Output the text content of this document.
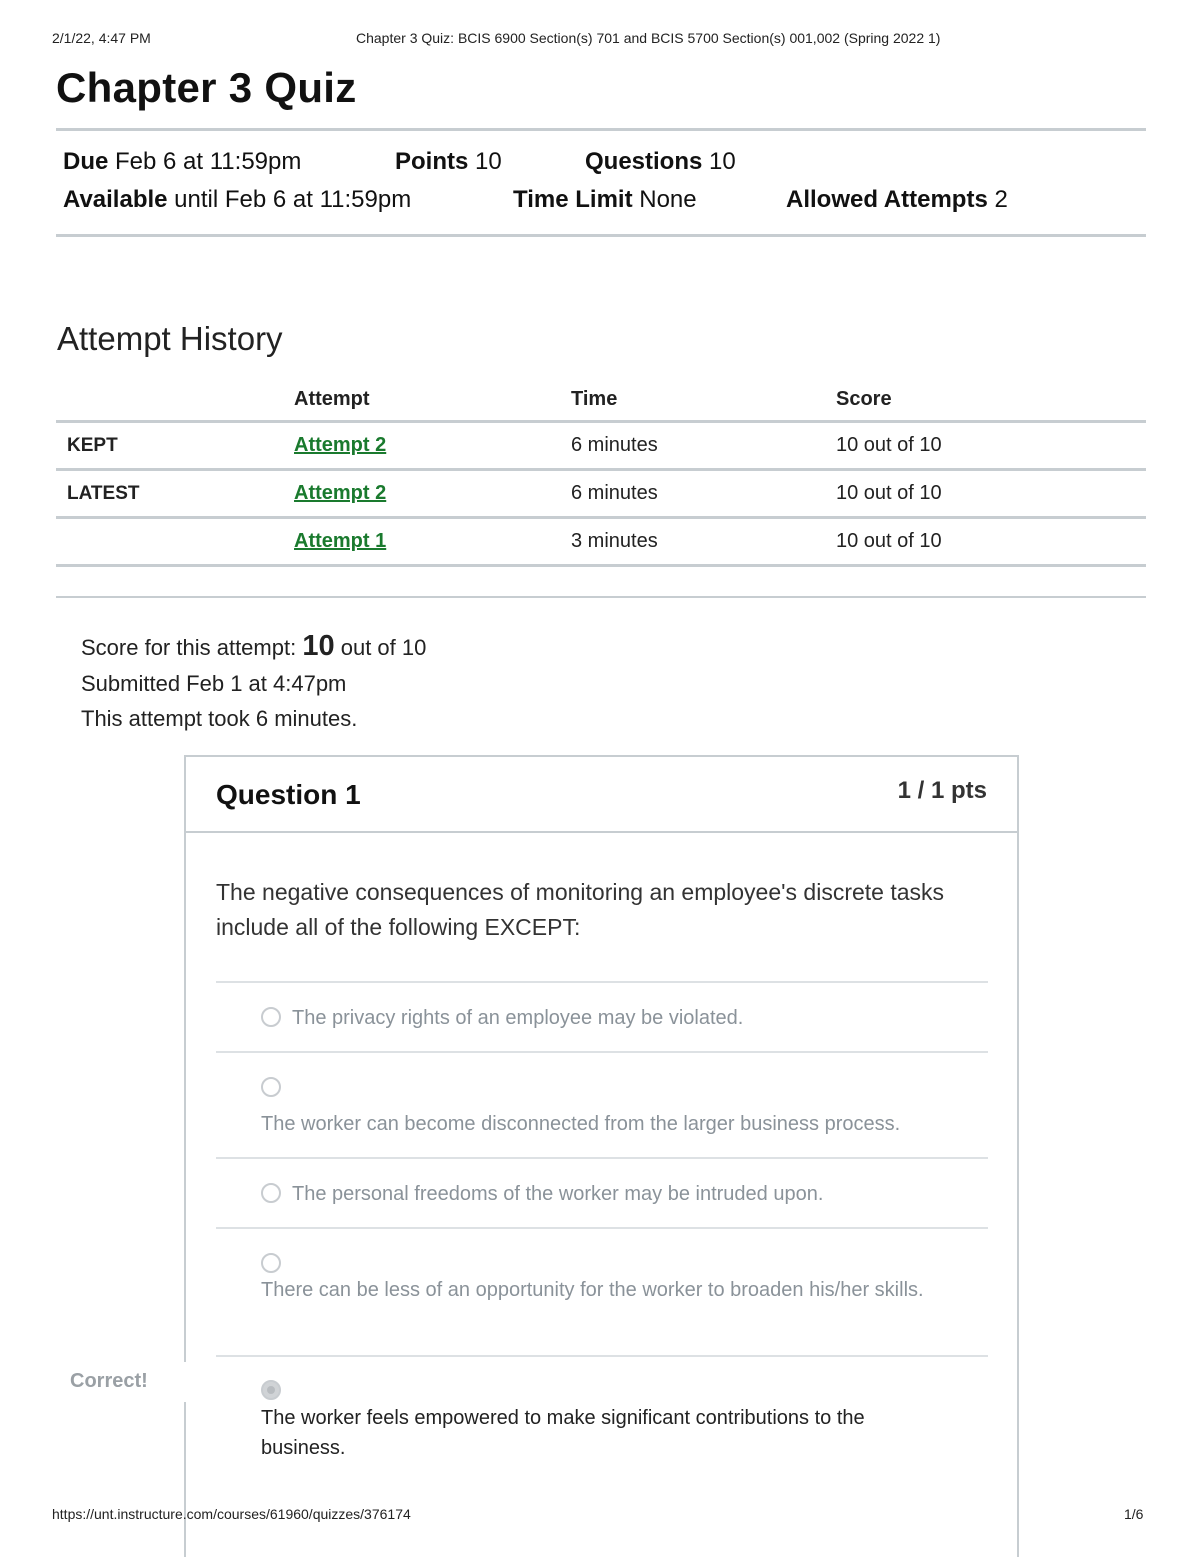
2/1/22, 4:47 PM	Chapter 3 Quiz: BCIS 6900 Section(s) 701 and BCIS 5700 Section(s) 001,002 (Spring 2022 1)
Chapter 3 Quiz
Due Feb 6 at 11:59pm	Points 10	Questions 10
Available until Feb 6 at 11:59pm	Time Limit None	Allowed Attempts 2
Attempt History
	Attempt	Time	Score
KEPT	Attempt 2	6 minutes	10 out of 10
LATEST	Attempt 2	6 minutes	10 out of 10
	Attempt 1	3 minutes	10 out of 10
Score for this attempt: 10 out of 10
Submitted Feb 1 at 4:47pm
This attempt took 6 minutes.
Question 1	1 / 1 pts
The negative consequences of monitoring an employee's discrete tasks include all of the following EXCEPT:
The privacy rights of an employee may be violated.
The worker can become disconnected from the larger business process.
The personal freedoms of the worker may be intruded upon.
There can be less of an opportunity for the worker to broaden his/her skills.
The worker feels empowered to make significant contributions to the business.
Correct!
https://unt.instructure.com/courses/61960/quizzes/376174	1/6
